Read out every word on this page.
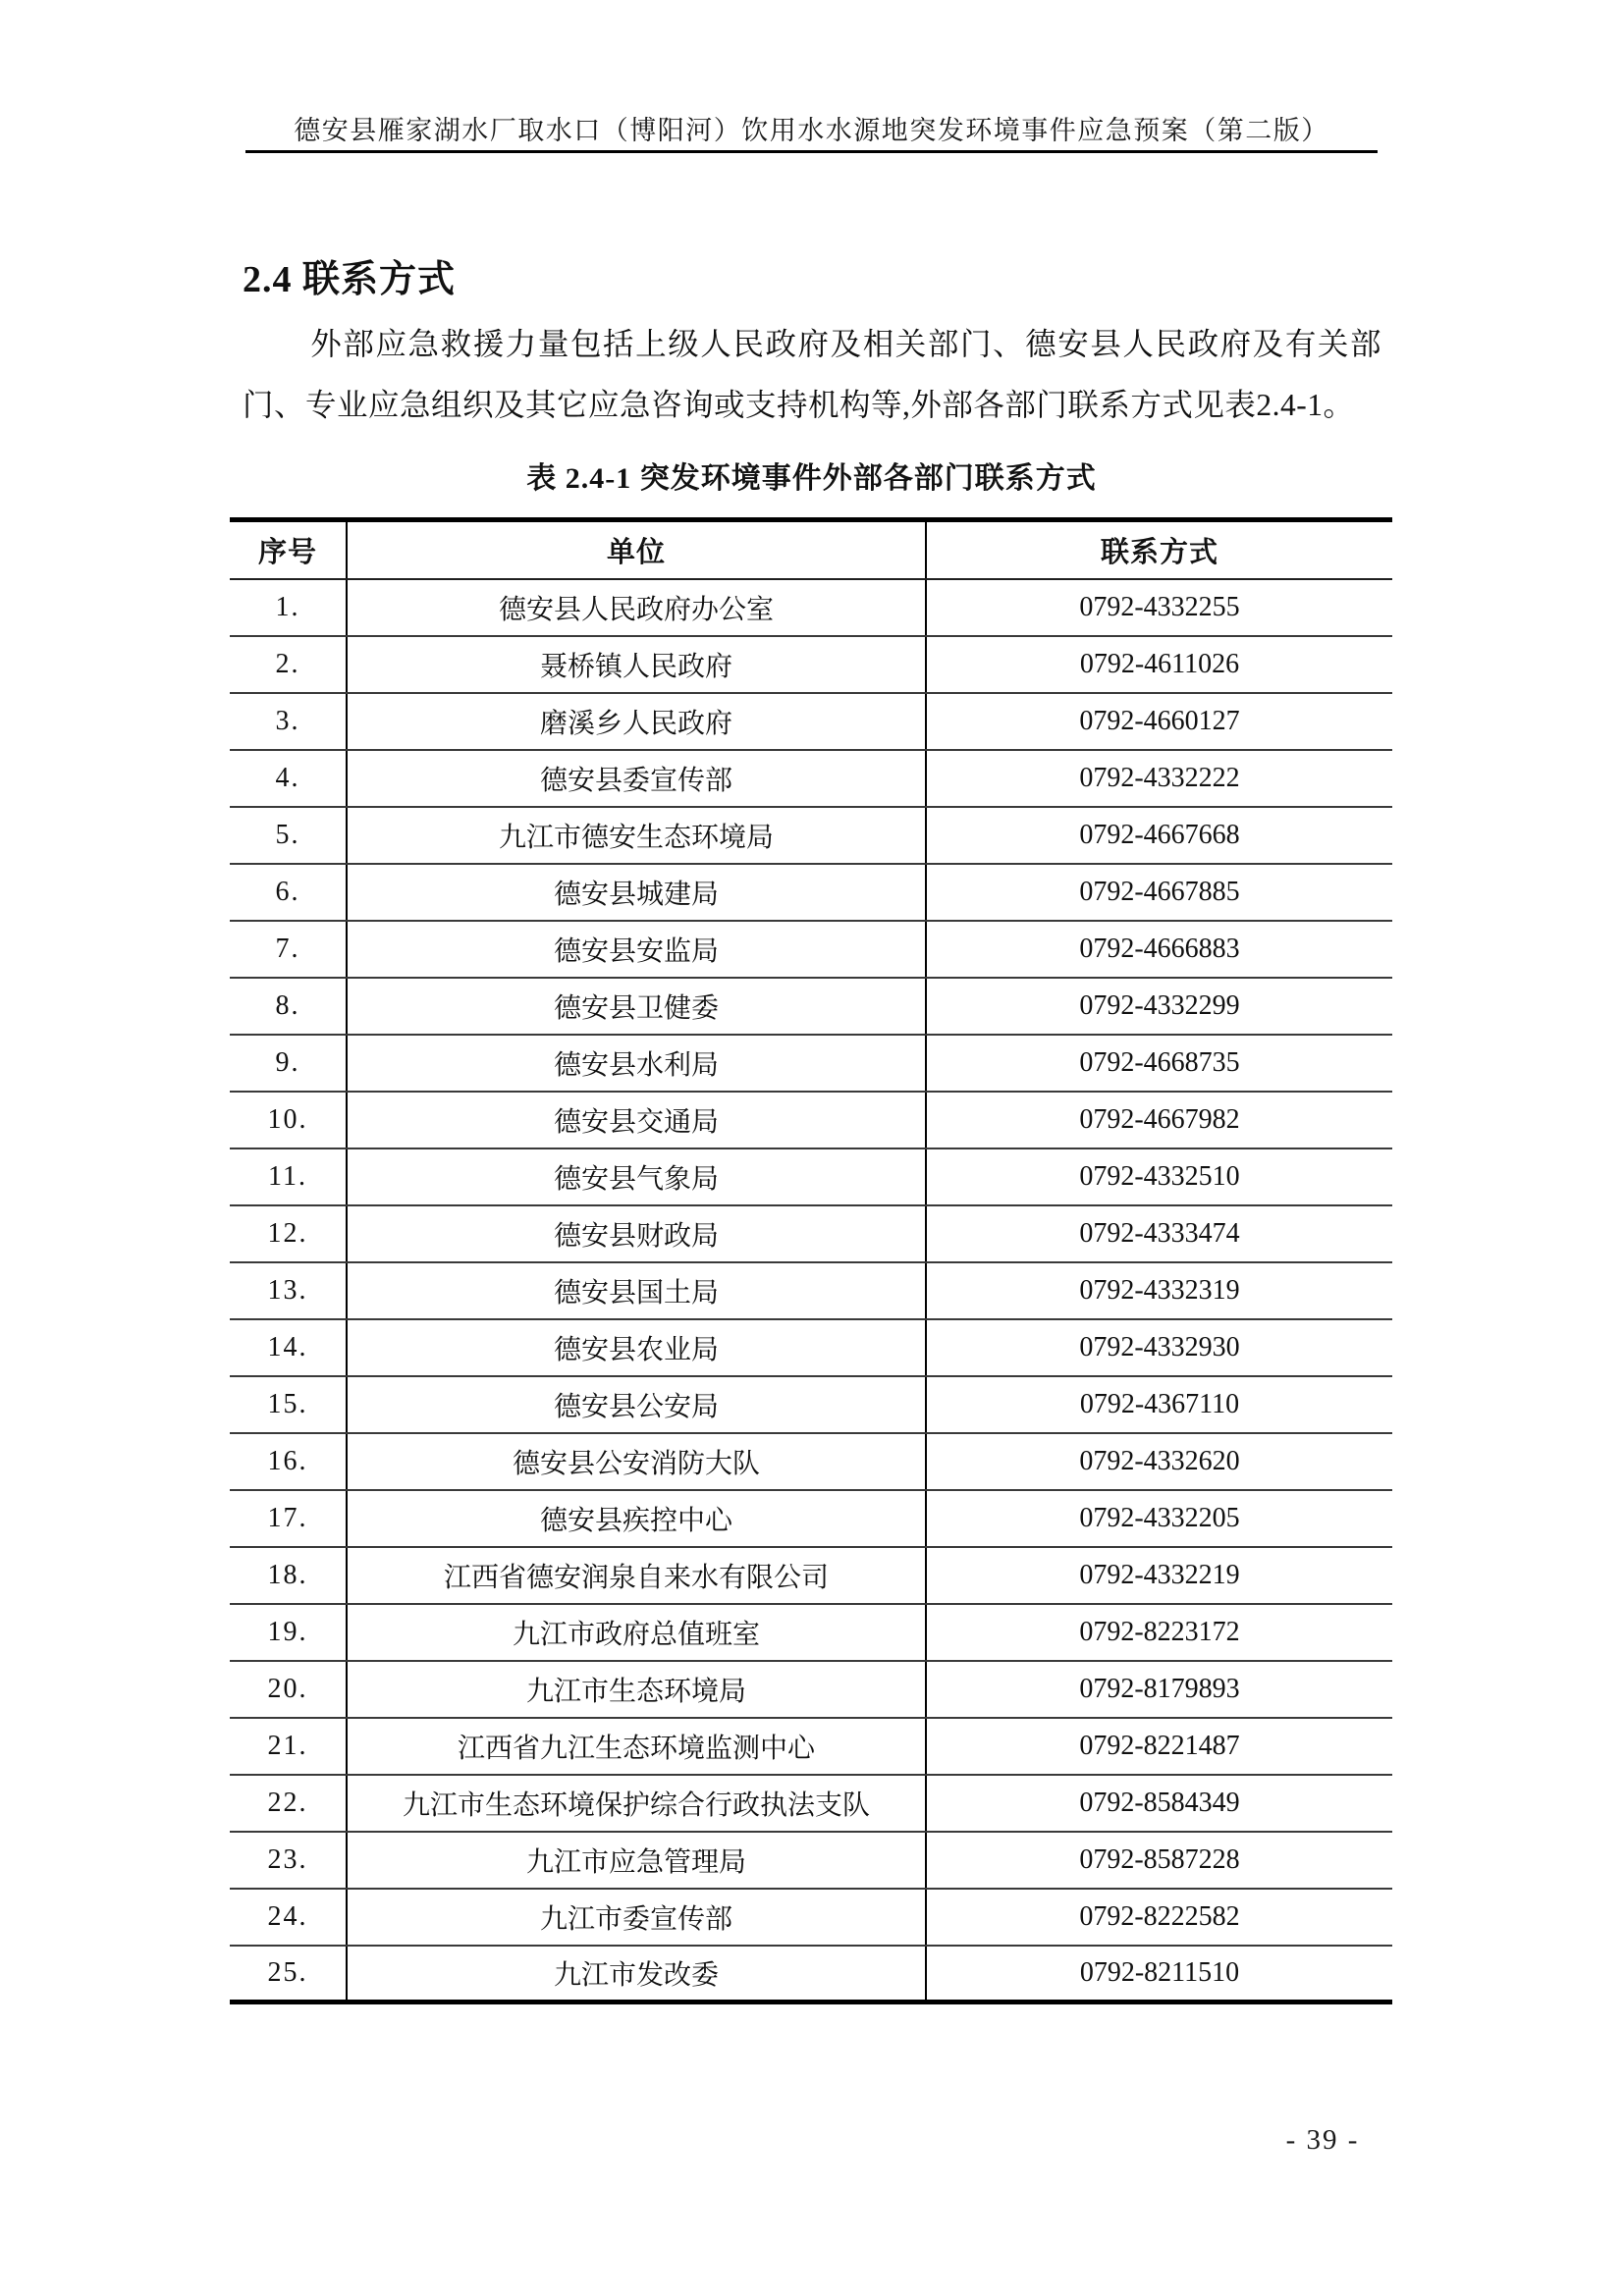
德安县雁家湖水厂取水口（博阳河）饮用水水源地突发环境事件应急预案（第二版）
2.4 联系方式

外部应急救援力量包括上级人民政府及相关部门、德安县人民政府及有关部门、专业应急组织及其它应急咨询或支持机构等,外部各部门联系方式见表2.4-1。

表 2.4-1 突发环境事件外部各部门联系方式
序号	单位	联系方式
1.	德安县人民政府办公室	0792-4332255
2.	聂桥镇人民政府	0792-4611026
3.	磨溪乡人民政府	0792-4660127
4.	德安县委宣传部	0792-4332222
5.	九江市德安生态环境局	0792-4667668
6.	德安县城建局	0792-4667885
7.	德安县安监局	0792-4666883
8.	德安县卫健委	0792-4332299
9.	德安县水利局	0792-4668735
10.	德安县交通局	0792-4667982
11.	德安县气象局	0792-4332510
12.	德安县财政局	0792-4333474
13.	德安县国土局	0792-4332319
14.	德安县农业局	0792-4332930
15.	德安县公安局	0792-4367110
16.	德安县公安消防大队	0792-4332620
17.	德安县疾控中心	0792-4332205
18.	江西省德安润泉自来水有限公司	0792-4332219
19.	九江市政府总值班室	0792-8223172
20.	九江市生态环境局	0792-8179893
21.	江西省九江生态环境监测中心	0792-8221487
22.	九江市生态环境保护综合行政执法支队	0792-8584349
23.	九江市应急管理局	0792-8587228
24.	九江市委宣传部	0792-8222582
25.	九江市发改委	0792-8211510
- 39 -
